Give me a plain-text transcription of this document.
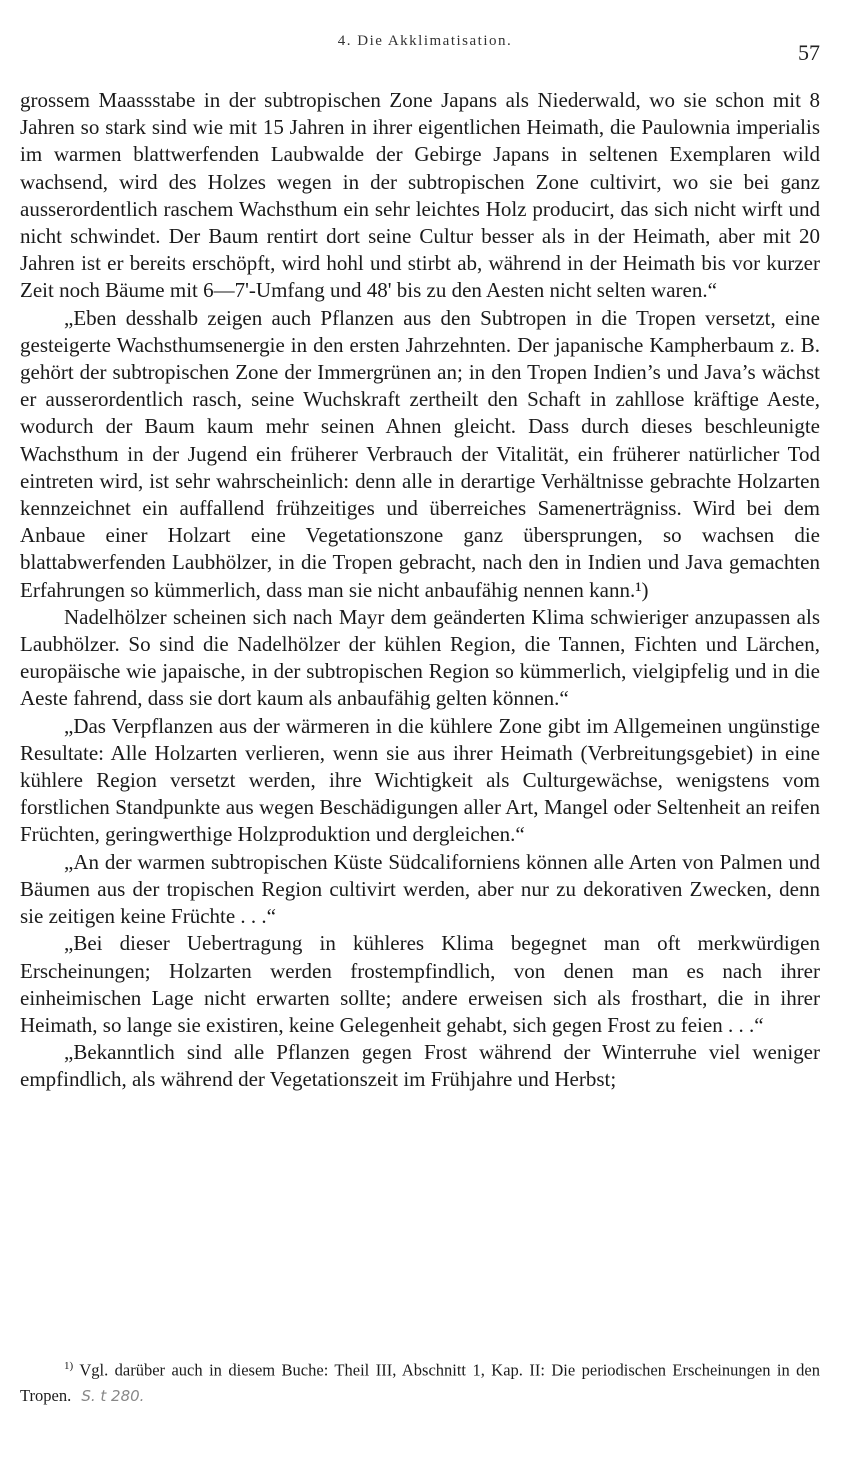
4. Die Akklimatisation.	57

grossem Maassstabe in der subtropischen Zone Japans als Niederwald, wo sie schon mit 8 Jahren so stark sind wie mit 15 Jahren in ihrer eigentlichen Heimath, die Paulownia imperialis im warmen blattwerfenden Laubwalde der Gebirge Japans in seltenen Exemplaren wild wachsend, wird des Holzes wegen in der subtropischen Zone cultivirt, wo sie bei ganz ausserordentlich raschem Wachsthum ein sehr leichtes Holz producirt, das sich nicht wirft und nicht schwindet. Der Baum rentirt dort seine Cultur besser als in der Heimath, aber mit 20 Jahren ist er bereits erschöpft, wird hohl und stirbt ab, während in der Heimath bis vor kurzer Zeit noch Bäume mit 6—7'-Umfang und 48' bis zu den Aesten nicht selten waren.“

„Eben desshalb zeigen auch Pflanzen aus den Subtropen in die Tropen versetzt, eine gesteigerte Wachsthumsenergie in den ersten Jahrzehnten. Der japanische Kampherbaum z. B. gehört der subtropischen Zone der Immergrünen an; in den Tropen Indien’s und Java’s wächst er ausserordentlich rasch, seine Wuchskraft zertheilt den Schaft in zahllose kräftige Aeste, wodurch der Baum kaum mehr seinen Ahnen gleicht. Dass durch dieses beschleunigte Wachsthum in der Jugend ein früherer Verbrauch der Vitalität, ein früherer natürlicher Tod eintreten wird, ist sehr wahrscheinlich: denn alle in derartige Verhältnisse gebrachte Holzarten kennzeichnet ein auffallend frühzeitiges und überreiches Samenerträgniss. Wird bei dem Anbaue einer Holzart eine Vegetationszone ganz übersprungen, so wachsen die blattabwerfenden Laubhölzer, in die Tropen gebracht, nach den in Indien und Java gemachten Erfahrungen so kümmerlich, dass man sie nicht anbaufähig nennen kann.¹)

Nadelhölzer scheinen sich nach Mayr dem geänderten Klima schwieriger anzupassen als Laubhölzer. So sind die Nadelhölzer der kühlen Region, die Tannen, Fichten und Lärchen, europäische wie japaische, in der subtropischen Region so kümmerlich, vielgipfelig und in die Aeste fahrend, dass sie dort kaum als anbaufähig gelten können.“

„Das Verpflanzen aus der wärmeren in die kühlere Zone gibt im Allgemeinen ungünstige Resultate: Alle Holzarten verlieren, wenn sie aus ihrer Heimath (Verbreitungsgebiet) in eine kühlere Region versetzt werden, ihre Wichtigkeit als Culturgewächse, wenigstens vom forstlichen Standpunkte aus wegen Beschädigungen aller Art, Mangel oder Seltenheit an reifen Früchten, geringwerthige Holzproduktion und dergleichen.“

„An der warmen subtropischen Küste Südcaliforniens können alle Arten von Palmen und Bäumen aus der tropischen Region cultivirt werden, aber nur zu dekorativen Zwecken, denn sie zeitigen keine Früchte . . .“

„Bei dieser Uebertragung in kühleres Klima begegnet man oft merkwürdigen Erscheinungen; Holzarten werden frostempfindlich, von denen man es nach ihrer einheimischen Lage nicht erwarten sollte; andere erweisen sich als frosthart, die in ihrer Heimath, so lange sie existiren, keine Gelegenheit gehabt, sich gegen Frost zu feien . . .“

„Bekanntlich sind alle Pflanzen gegen Frost während der Winterruhe viel weniger empfindlich, als während der Vegetationszeit im Frühjahre und Herbst;

$^{1)}$ Vgl. darüber auch in diesem Buche: Theil III, Abschnitt 1, Kap. II: Die periodischen Erscheinungen in den Tropen. S. t 280.
